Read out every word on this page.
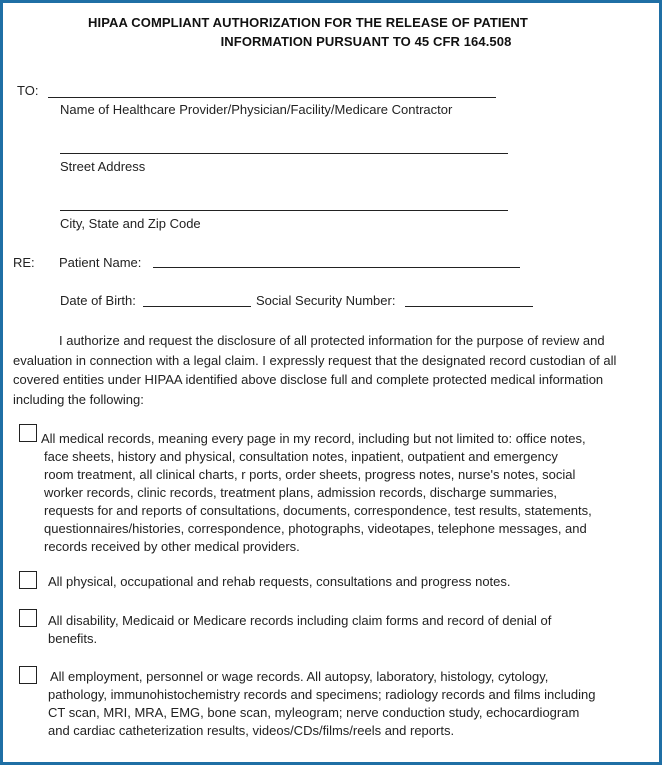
HIPAA COMPLIANT AUTHORIZATION FOR THE RELEASE OF PATIENT
INFORMATION PURSUANT TO 45 CFR 164.508
TO:
Name of Healthcare Provider/Physician/Facility/Medicare Contractor
Street Address
City, State and Zip Code
RE: Patient Name:
Date of Birth:	Social Security Number:
I authorize and request the disclosure of all protected information for the purpose of review and evaluation in connection with a legal claim. I expressly request that the designated record custodian of all covered entities under HIPAA identified above disclose full and complete protected medical information including the following:
All medical records, meaning every page in my record, including but not limited to: office notes,
face sheets, history and physical, consultation notes, inpatient, outpatient and emergency
room treatment, all clinical charts, r ports, order sheets, progress notes, nurse's notes, social
worker records, clinic records, treatment plans, admission records, discharge summaries,
requests for and reports of consultations, documents, correspondence, test results, statements,
questionnaires/histories, correspondence, photographs, videotapes, telephone messages, and
records received by other medical providers.
All physical, occupational and rehab requests, consultations and progress notes.
All disability, Medicaid or Medicare records including claim forms and record of denial of
benefits.
All employment, personnel or wage records. All autopsy, laboratory, histology, cytology,
pathology, immunohistochemistry records and specimens; radiology records and films including
CT scan, MRI, MRA, EMG, bone scan, myleogram; nerve conduction study, echocardiogram
and cardiac catheterization results, videos/CDs/films/reels and reports.
